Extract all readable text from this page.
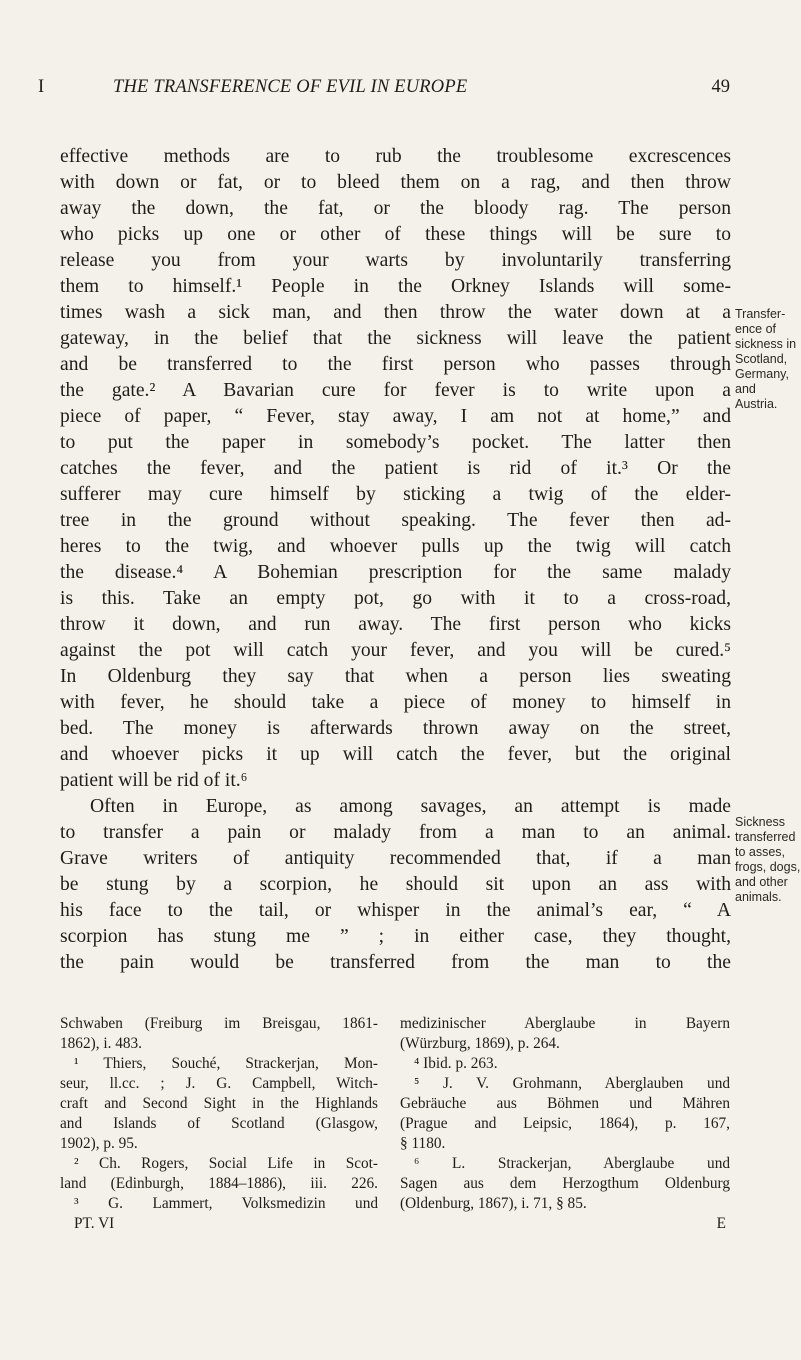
I	THE TRANSFERENCE OF EVIL IN EUROPE	49
effective methods are to rub the troublesome excrescences
with down or fat, or to bleed them on a rag, and then throw
away the down, the fat, or the bloody rag. The person
who picks up one or other of these things will be sure to
release you from your warts by involuntarily transferring
them to himself.¹ People in the Orkney Islands will some-
times wash a sick man, and then throw the water down at a
gateway, in the belief that the sickness will leave the patient
and be transferred to the first person who passes through
the gate.² A Bavarian cure for fever is to write upon a
piece of paper, “ Fever, stay away, I am not at home,” and
to put the paper in somebody’s pocket. The latter then
catches the fever, and the patient is rid of it.³ Or the
sufferer may cure himself by sticking a twig of the elder-
tree in the ground without speaking. The fever then ad-
heres to the twig, and whoever pulls up the twig will catch
the disease.⁴ A Bohemian prescription for the same malady
is this. Take an empty pot, go with it to a cross-road,
throw it down, and run away. The first person who kicks
against the pot will catch your fever, and you will be cured.⁵
In Oldenburg they say that when a person lies sweating
with fever, he should take a piece of money to himself in
bed. The money is afterwards thrown away on the street,
and whoever picks it up will catch the fever, but the original
patient will be rid of it.⁶
Often in Europe, as among savages, an attempt is made
to transfer a pain or malady from a man to an animal.
Grave writers of antiquity recommended that, if a man
be stung by a scorpion, he should sit upon an ass with
his face to the tail, or whisper in the animal’s ear, “ A
scorpion has stung me ” ; in either case, they thought,
the pain would be transferred from the man to the
Transfer-
ence of
sickness in
Scotland,
Germany,
and
Austria.
Sickness
transferred
to asses,
frogs, dogs,
and other
animals.
Schwaben (Freiburg im Breisgau, 1861-
1862), i. 483.
¹ Thiers, Souché, Strackerjan, Mon-
seur, ll.cc. ; J. G. Campbell, Witch-
craft and Second Sight in the Highlands
and Islands of Scotland (Glasgow,
1902), p. 95.
² Ch. Rogers, Social Life in Scot-
land (Edinburgh, 1884–1886), iii. 226.
³ G. Lammert, Volksmedizin und
PT. VI
medizinischer Aberglaube in Bayern
(Würzburg, 1869), p. 264.
⁴ Ibid. p. 263.
⁵ J. V. Grohmann, Aberglauben und
Gebräuche aus Böhmen und Mähren
(Prague and Leipsic, 1864), p. 167,
§ 1180.
⁶ L. Strackerjan, Aberglaube und
Sagen aus dem Herzogthum Oldenburg
(Oldenburg, 1867), i. 71, § 85.
E
